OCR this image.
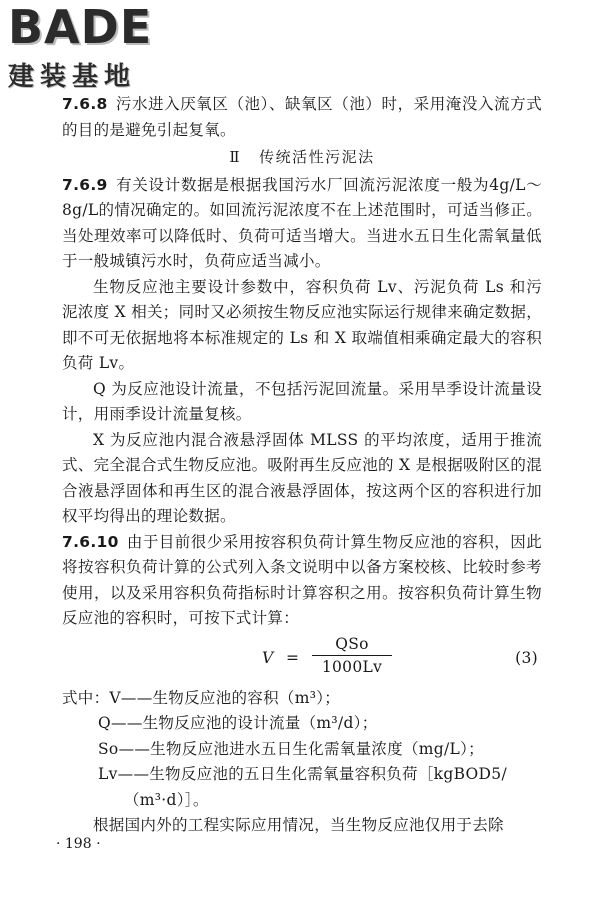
BADE
建装基地

7.6.8 污水进入厌氧区（池）、缺氧区（池）时，采用淹没入流方式的目的是避免引起复氧。

Ⅱ 传统活性污泥法

7.6.9 有关设计数据是根据我国污水厂回流污泥浓度一般为4g/L～8g/L的情况确定的。如回流污泥浓度不在上述范围时，可适当修正。当处理效率可以降低时、负荷可适当增大。当进水五日生化需氧量低于一般城镇污水时，负荷应适当减小。

生物反应池主要设计参数中，容积负荷 Lv、污泥负荷 Ls 和污泥浓度 X 相关；同时又必须按生物反应池实际运行规律来确定数据，即不可无依据地将本标准规定的 Ls 和 X 取端值相乘确定最大的容积负荷 Lv。

Q 为反应池设计流量，不包括污泥回流量。采用旱季设计流量设计，用雨季设计流量复核。

X 为反应池内混合液悬浮固体 MLSS 的平均浓度，适用于推流式、完全混合式生物反应池。吸附再生反应池的 X 是根据吸附区的混合液悬浮固体和再生区的混合液悬浮固体，按这两个区的容积进行加权平均得出的理论数据。

7.6.10 由于目前很少采用按容积负荷计算生物反应池的容积，因此将按容积负荷计算的公式列入条文说明中以备方案校核、比较时参考使用，以及采用容积负荷指标时计算容积之用。按容积负荷计算生物反应池的容积时，可按下式计算：

V =
QSo
1000Lv	(3)

式中：V——生物反应池的容积（m³）；

Q——生物反应池的设计流量（m³/d）；

So——生物反应池进水五日生化需氧量浓度（mg/L）；

Lv——生物反应池的五日生化需氧量容积负荷［kgBOD5/

（m³·d）］。

根据国内外的工程实际应用情况，当生物反应池仅用于去除

· 198 ·
